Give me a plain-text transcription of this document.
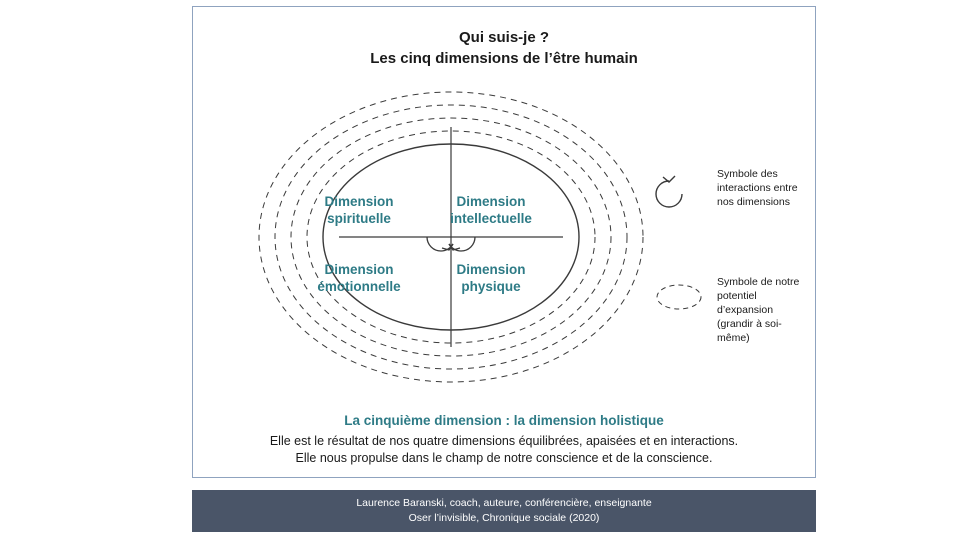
Qui suis-je ?
Les cinq dimensions de l’être humain
Dimension
spirituelle
Dimension
intellectuelle
Dimension
émotionnelle
Dimension
physique
Symbole des interactions entre nos dimensions
Symbole de notre potentiel d’expansion (grandir à soi-même)
La cinquième dimension : la dimension holistique
Elle est le résultat de nos quatre dimensions équilibrées, apaisées et en interactions.
Elle nous propulse dans le champ de notre conscience et de la conscience.
Laurence Baranski, coach, auteure, conférencière, enseignante
Oser l’invisible, Chronique sociale (2020)
